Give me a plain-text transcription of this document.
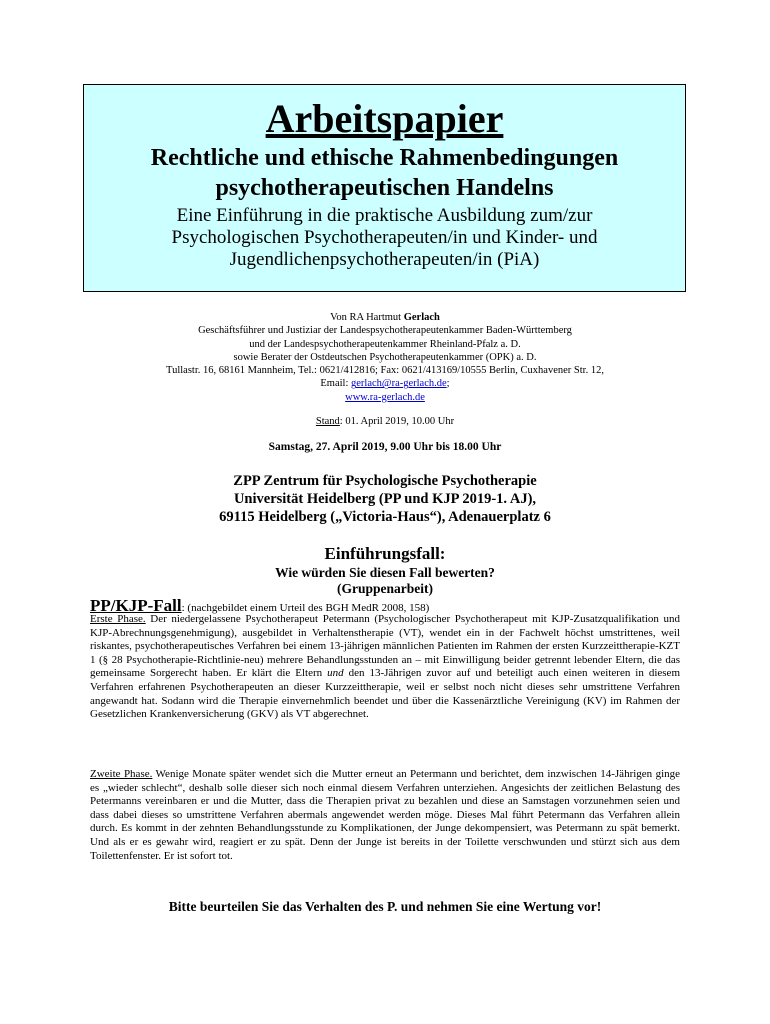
Arbeitspapier
Rechtliche und ethische Rahmenbedingungen
psychotherapeutischen Handelns
Eine Einführung in die praktische Ausbildung zum/zur
Psychologischen Psychotherapeuten/in und Kinder- und
Jugendlichenpsychotherapeuten/in (PiA)
Von RA Hartmut Gerlach
Geschäftsführer und Justiziar der Landespsychotherapeutenkammer Baden-Württemberg
und der Landespsychotherapeutenkammer Rheinland-Pfalz a. D.
sowie Berater der Ostdeutschen Psychotherapeutenkammer (OPK) a. D.
Tullastr. 16, 68161 Mannheim, Tel.: 0621/412816; Fax: 0621/413169/10555 Berlin, Cuxhavener Str. 12,
Email: gerlach@ra-gerlach.de;
www.ra-gerlach.de
Stand: 01. April 2019, 10.00 Uhr
Samstag, 27. April 2019, 9.00 Uhr bis 18.00 Uhr
ZPP Zentrum für Psychologische Psychotherapie
Universität Heidelberg (PP und KJP 2019-1. AJ),
69115 Heidelberg („Victoria-Haus“), Adenauerplatz 6
Einführungsfall:
Wie würden Sie diesen Fall bewerten?
(Gruppenarbeit)
PP/KJP-Fall: (nachgebildet einem Urteil des BGH MedR 2008, 158)
Erste Phase. Der niedergelassene Psychotherapeut Petermann (Psychologischer Psychotherapeut mit KJP-Zusatzqualifikation und KJP-Abrechnungsgenehmigung), ausgebildet in Verhaltenstherapie (VT), wendet ein in der Fachwelt höchst umstrittenes, weil riskantes, psychotherapeutisches Verfahren bei einem 13-jährigen männlichen Patienten im Rahmen der ersten Kurzzeittherapie-KZT 1 (§ 28 Psychotherapie-Richtlinie-neu) mehrere Behandlungsstunden an – mit Einwilligung beider getrennt lebender Eltern, die das gemeinsame Sorgerecht haben. Er klärt die Eltern und den 13-Jährigen zuvor auf und beteiligt auch einen weiteren in diesem Verfahren erfahrenen Psychotherapeuten an dieser Kurzzeittherapie, weil er selbst noch nicht dieses sehr umstrittene Verfahren angewandt hat. Sodann wird die Therapie einvernehmlich beendet und über die Kassenärztliche Vereinigung (KV) im Rahmen der Gesetzlichen Krankenversicherung (GKV) als VT abgerechnet.
Zweite Phase. Wenige Monate später wendet sich die Mutter erneut an Petermann und berichtet, dem inzwischen 14-Jährigen ginge es „wieder schlecht“, deshalb solle dieser sich noch einmal diesem Verfahren unterziehen. Angesichts der zeitlichen Belastung des Petermanns vereinbaren er und die Mutter, dass die Therapien privat zu bezahlen und diese an Samstagen vorzunehmen seien und dass dabei dieses so umstrittene Verfahren abermals angewendet werden möge. Dieses Mal führt Petermann das Verfahren allein durch. Es kommt in der zehnten Behandlungsstunde zu Komplikationen, der Junge dekompensiert, was Petermann zu spät bemerkt. Und als er es gewahr wird, reagiert er zu spät. Denn der Junge ist bereits in der Toilette verschwunden und stürzt sich aus dem Toilettenfenster. Er ist sofort tot.
Bitte beurteilen Sie das Verhalten des P. und nehmen Sie eine Wertung vor!
